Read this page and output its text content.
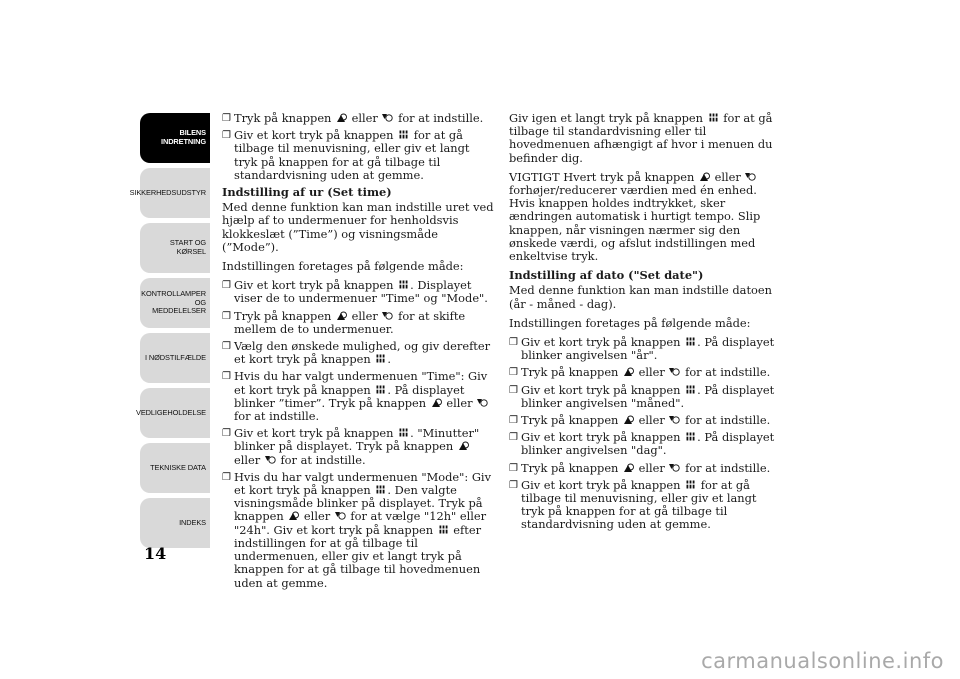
BILENS
INDRETNING
SIKKERHEDSUDSTYR
START OG KØRSEL
KONTROLLAMPER
OG MEDDELELSER
I NØDSTILFÆLDE
VEDLIGEHOLDELSE
TEKNISKE DATA
INDEKS
14
❐ Tryk på knappen
eller
for at indstille.
❐ Giv et kort tryk på knappen
for at gå tilbage til menuvisning, eller giv et langt tryk på knappen for at gå tilbage til standardvisning uden at gemme.
Indstilling af ur (Set time)
Med denne funktion kan man indstille uret ved hjælp af to undermenuer for henholdsvis klokkeslæt (”Time”) og visningsmåde (”Mode”).
Indstillingen foretages på følgende måde:
❐ Giv et kort tryk på knappen
. Displayet viser de to undermenuer "Time" og "Mode".
❐ Tryk på knappen
eller
for at skifte mellem de to undermenuer.
❐ Vælg den ønskede mulighed, og giv derefter et kort tryk på knappen
.
❐ Hvis du har valgt undermenuen "Time": Giv et kort tryk på knappen
. På displayet blinker ”timer”. Tryk på knappen
eller
for at indstille.
❐ Giv et kort tryk på knappen
. "Minutter" blinker på displayet. Tryk på knappen
eller
for at indstille.
❐ Hvis du har valgt undermenuen "Mode": Giv et kort tryk på knappen
. Den valgte visningsmåde blinker på displayet. Tryk på knappen
eller
for at vælge "12h" eller "24h". Giv et kort tryk på knappen
efter indstillingen for at gå tilbage til undermenuen, eller giv et langt tryk på knappen for at gå tilbage til hovedmenuen uden at gemme.
Giv igen et langt tryk på knappen
for at gå tilbage til standardvisning eller til hovedmenuen afhængigt af hvor i menuen du befinder dig.
VIGTIGT Hvert tryk på knappen
eller
forhøjer/reducerer værdien med én enhed. Hvis knappen holdes indtrykket, sker ændringen automatisk i hurtigt tempo. Slip knappen, når visningen nærmer sig den ønskede værdi, og afslut indstillingen med enkeltvise tryk.
Indstilling af dato ("Set date")
Med denne funktion kan man indstille datoen (år - måned - dag).
Indstillingen foretages på følgende måde:
❐ Giv et kort tryk på knappen
. På displayet blinker angivelsen "år".
❐ Tryk på knappen
eller
for at indstille.
❐ Giv et kort tryk på knappen
. På displayet blinker angivelsen "måned".
❐ Tryk på knappen
eller
for at indstille.
❐ Giv et kort tryk på knappen
. På displayet blinker angivelsen "dag".
❐ Tryk på knappen
eller
for at indstille.
❐ Giv et kort tryk på knappen
for at gå tilbage til menuvisning, eller giv et langt tryk på knappen for at gå tilbage til standardvisning uden at gemme.
carmanualsonline.info
